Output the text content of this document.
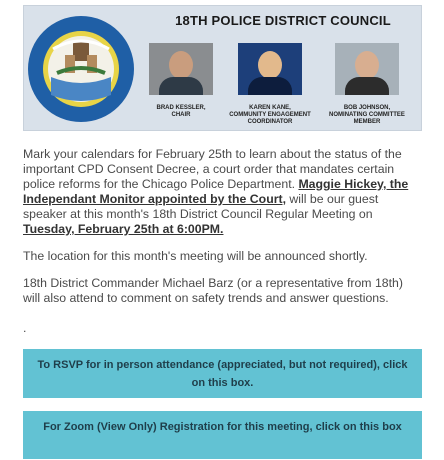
18TH POLICE DISTRICT COUNCIL
BRAD KESSLER,
CHAIR
KAREN KANE,
COMMUNITY ENGAGEMENT COORDINATOR
BOB JOHNSON,
NOMINATING COMMITTEE MEMBER

Mark your calendars for February 25th to learn about the status of the important CPD Consent Decree, a court order that mandates certain police reforms for the Chicago Police Department. Maggie Hickey, the Independant Monitor appointed by the Court, will be our guest speaker at this month's 18th District Council Regular Meeting on Tuesday, February 25th at 6:00PM.

The location for this month's meeting will be announced shortly.

18th District Commander Michael Barz (or a representative from 18th) will also attend to comment on safety trends and answer questions.

.

To RSVP for in person attendance (appreciated, but not required), click on this box.
For Zoom (View Only) Registration for this meeting, click on this box
